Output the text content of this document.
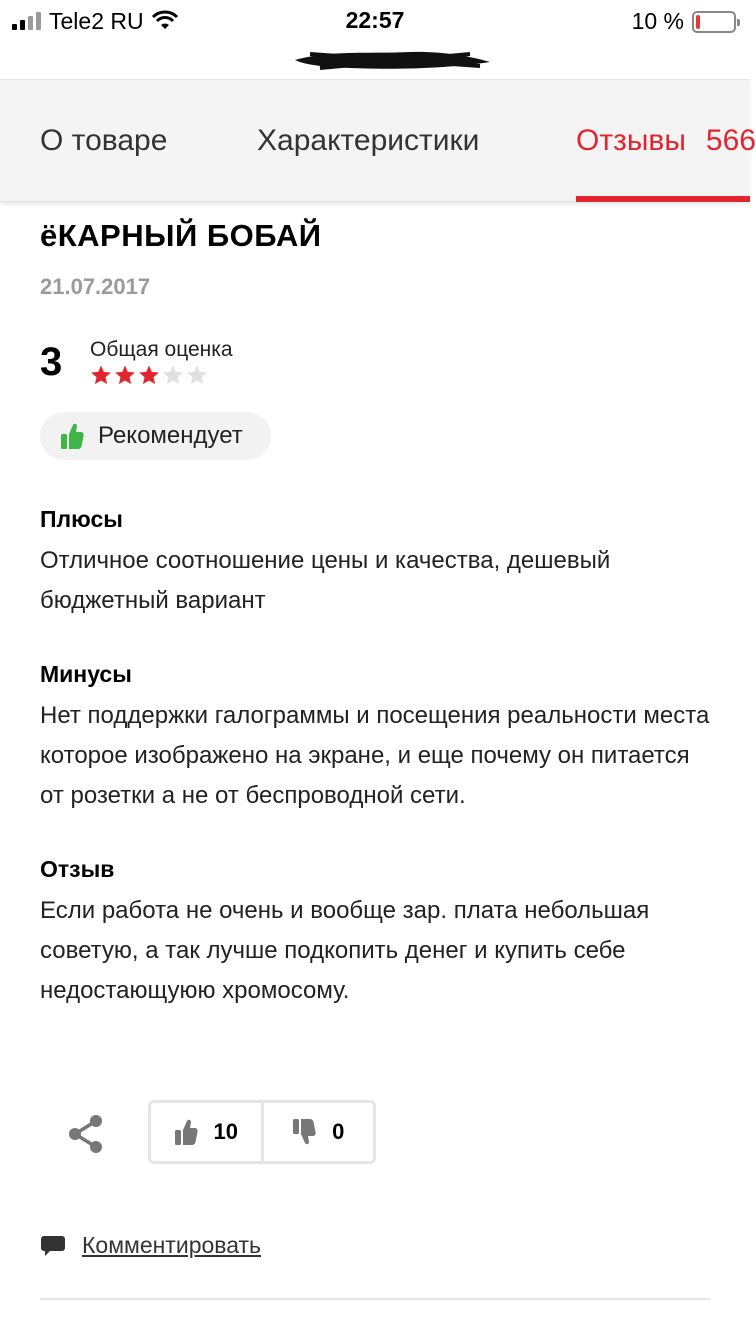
Tele2 RU	22:57	10 %
О товаре	Характеристики	Отзывы 566
ёКАРНЫЙ БОБАЙ
21.07.2017
3	Общая оценка
Рекомендует
Плюсы
Отличное соотношение цены и качества, дешевый бюджетный вариант
Минусы
Нет поддержки галограммы и посещения реальности места которое изображено на экране, и еще почему он питается от розетки а не от беспроводной сети.
Отзыв
Если работа не очень и вообще зар. плата небольшая советую, а так лучше подкопить денег и купить себе недостающуюю хромосому.
10	0
Комментировать
